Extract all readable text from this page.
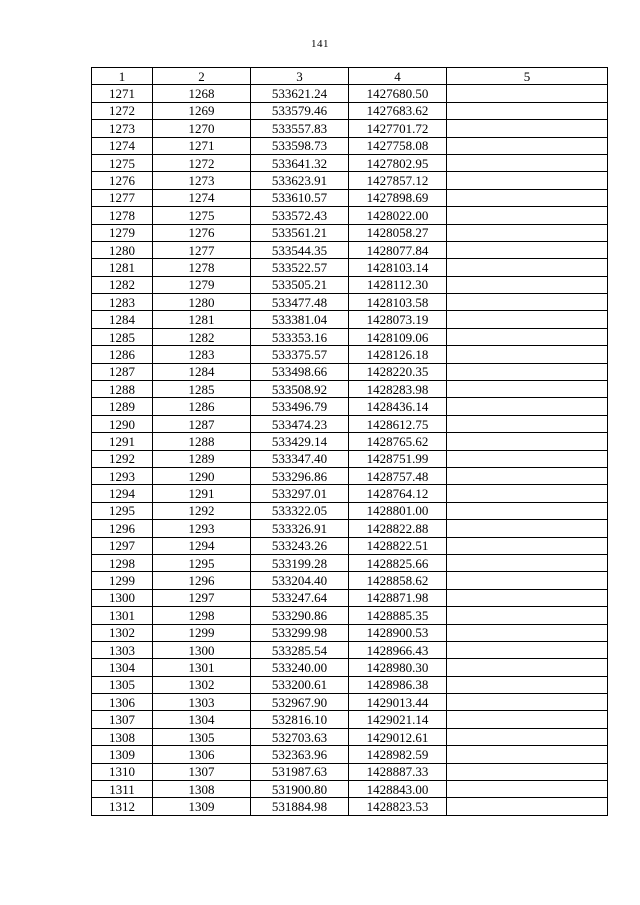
141
1	2	3	4	5
1271	1268	533621.24	1427680.50	
1272	1269	533579.46	1427683.62	
1273	1270	533557.83	1427701.72	
1274	1271	533598.73	1427758.08	
1275	1272	533641.32	1427802.95	
1276	1273	533623.91	1427857.12	
1277	1274	533610.57	1427898.69	
1278	1275	533572.43	1428022.00	
1279	1276	533561.21	1428058.27	
1280	1277	533544.35	1428077.84	
1281	1278	533522.57	1428103.14	
1282	1279	533505.21	1428112.30	
1283	1280	533477.48	1428103.58	
1284	1281	533381.04	1428073.19	
1285	1282	533353.16	1428109.06	
1286	1283	533375.57	1428126.18	
1287	1284	533498.66	1428220.35	
1288	1285	533508.92	1428283.98	
1289	1286	533496.79	1428436.14	
1290	1287	533474.23	1428612.75	
1291	1288	533429.14	1428765.62	
1292	1289	533347.40	1428751.99	
1293	1290	533296.86	1428757.48	
1294	1291	533297.01	1428764.12	
1295	1292	533322.05	1428801.00	
1296	1293	533326.91	1428822.88	
1297	1294	533243.26	1428822.51	
1298	1295	533199.28	1428825.66	
1299	1296	533204.40	1428858.62	
1300	1297	533247.64	1428871.98	
1301	1298	533290.86	1428885.35	
1302	1299	533299.98	1428900.53	
1303	1300	533285.54	1428966.43	
1304	1301	533240.00	1428980.30	
1305	1302	533200.61	1428986.38	
1306	1303	532967.90	1429013.44	
1307	1304	532816.10	1429021.14	
1308	1305	532703.63	1429012.61	
1309	1306	532363.96	1428982.59	
1310	1307	531987.63	1428887.33	
1311	1308	531900.80	1428843.00	
1312	1309	531884.98	1428823.53	
